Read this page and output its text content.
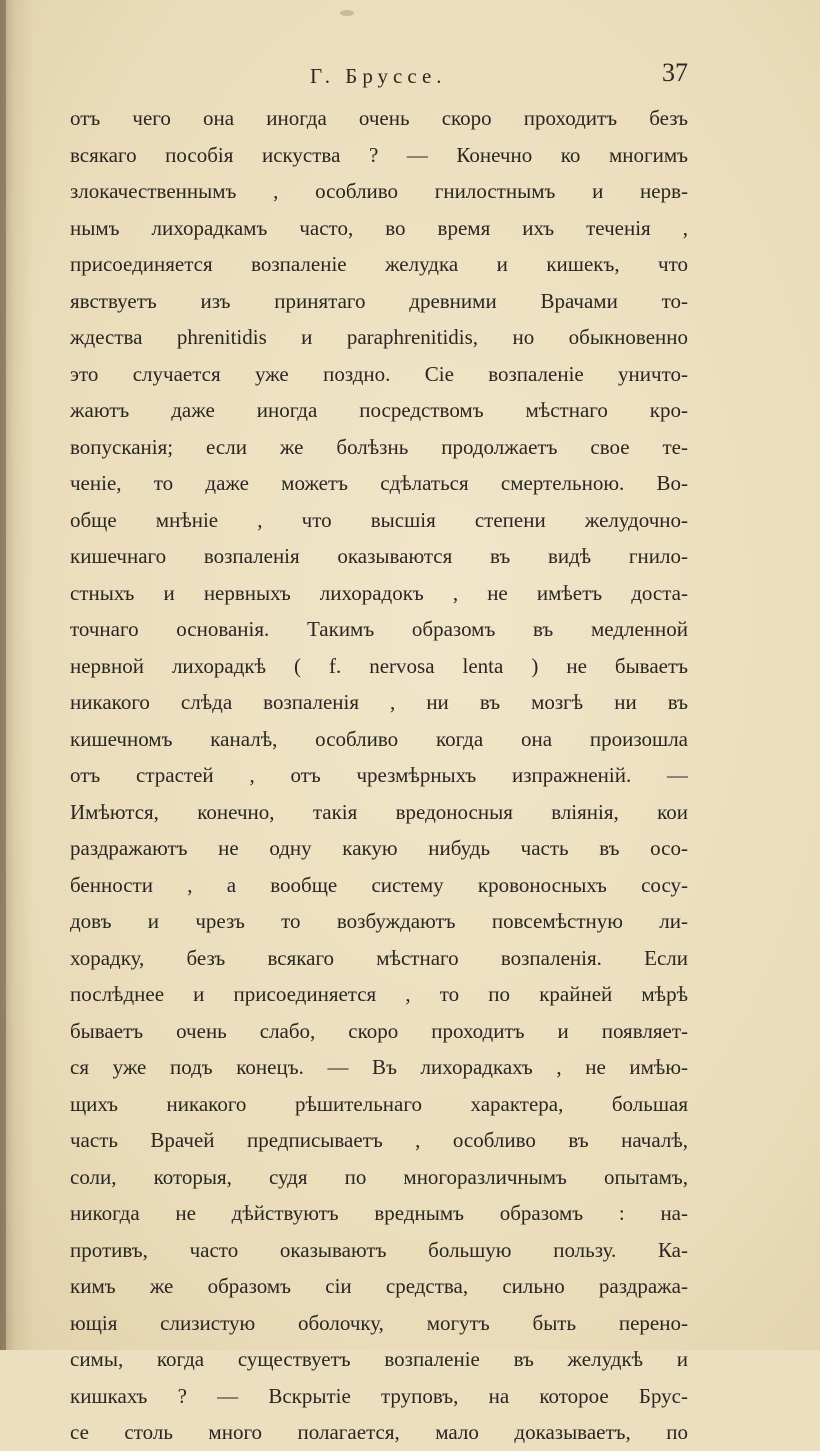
Г. Бруссе.	37
отъ чего она иногда очень скоро проходитъ безъ
всякаго пособія искуства ? — Конечно ко многимъ
злокачественнымъ , особливо гнилостнымъ и нерв-
нымъ лихорадкамъ часто, во время ихъ теченія ,
присоединяется возпаленіе желудка и кишекъ, что
явствуетъ изъ принятаго древними Врачами то-
ждества phrenitidis и paraphrenitidis, но обыкновенно
это случается уже поздно. Сіе возпаленіе уничто-
жаютъ даже иногда посредствомъ мѣстнаго кро-
вопусканія; если же болѣзнь продолжаетъ свое те-
ченіе, то даже можетъ сдѣлаться смертельною. Во-
обще мнѣніе , что высшія степени желудочно-
кишечнаго возпаленія оказываются въ видѣ гнило-
стныхъ и нервныхъ лихорадокъ , не имѣетъ доста-
точнаго основанія. Такимъ образомъ въ медленной
нервной лихорадкѣ ( f. nervosa lenta ) не бываетъ
никакого слѣда возпаленія , ни въ мозгѣ ни въ
кишечномъ каналѣ, особливо когда она произошла
отъ страстей , отъ чрезмѣрныхъ изпражненій. —
Имѣются, конечно, такія вредоносныя вліянія, кои
раздражаютъ не одну какую нибудь часть въ осо-
бенности , а вообще систему кровоносныхъ сосу-
довъ и чрезъ то возбуждаютъ повсемѣстную ли-
хорадку, безъ всякаго мѣстнаго возпаленія. Если
послѣднее и присоединяется , то по крайней мѣрѣ
бываетъ очень слабо, скоро проходитъ и появляет-
ся уже подъ конецъ. — Въ лихорадкахъ , не имѣю-
щихъ никакого рѣшительнаго характера, большая
часть Врачей предписываетъ , особливо въ началѣ,
соли, которыя, судя по многоразличнымъ опытамъ,
никогда не дѣйствуютъ вреднымъ образомъ : на-
противъ, часто оказываютъ большую пользу. Ка-
кимъ же образомъ сіи средства, сильно раздража-
ющія слизистую оболочку, могутъ быть перено-
симы, когда существуетъ возпаленіе въ желудкѣ и
кишкахъ ? — Вскрытіе труповъ, на которое Брус-
се столь много полагается, мало доказываетъ, по
